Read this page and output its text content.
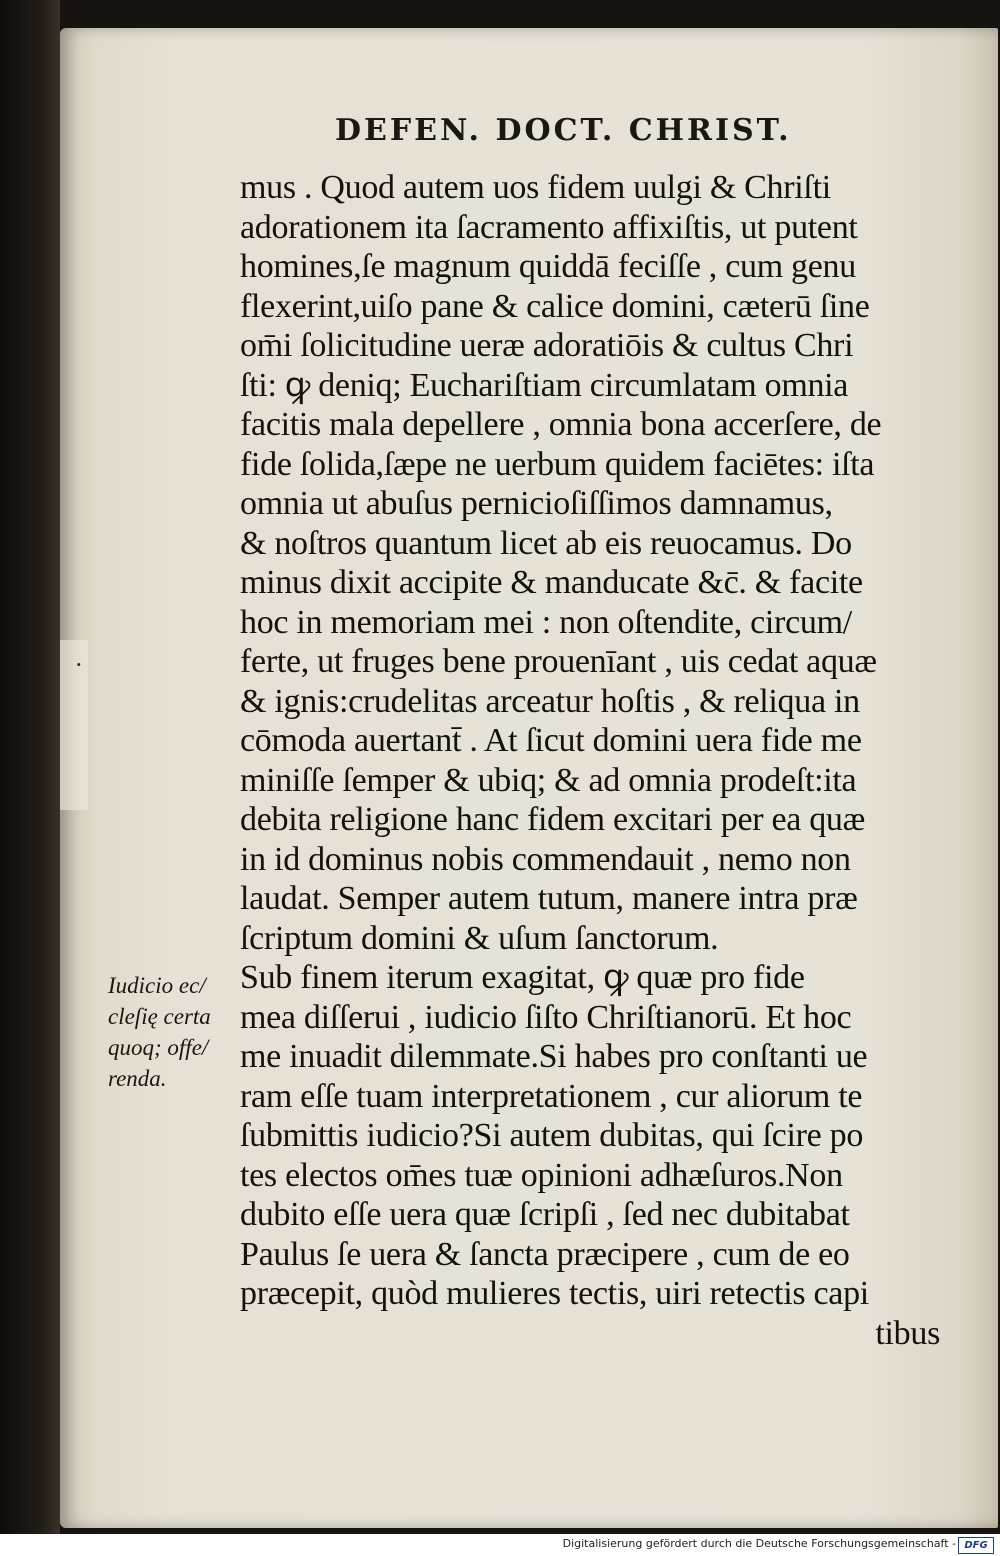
·
DEFEN. DOCT. CHRIST.
mus . Quod autem uos fidem uulgi & Chriſti
adorationem ita ſacramento affixiſtis, ut putent
homines,ſe magnum quiddā feciſſe , cum genu
flexerint,uiſo pane & calice domini, cæterū ſine
om̄i ſolicitudine ueræ adoratiōis & cultus Chri
ſti: ꝙ deniq; Euchariſtiam circumlatam omnia
facitis mala depellere , omnia bona accerſere, de
fide ſolida,ſæpe ne uerbum quidem faciētes: iſta
omnia ut abuſus pernicioſiſſimos damnamus,
& noſtros quantum licet ab eis reuocamus. Do
minus dixit accipite & manducate &c̄. & facite
hoc in memoriam mei : non oſtendite, circum/
ferte, ut fruges bene prouenīant , uis cedat aquæ
& ignis:crudelitas arceatur hoſtis , & reliqua in
cōmoda auertant̄ . At ſicut domini uera fide me
miniſſe ſemper & ubiq; & ad omnia prodeſt:ita
debita religione hanc fidem excitari per ea quæ
in id dominus nobis commendauit , nemo non
laudat. Semper autem tutum, manere intra præ
ſcriptum domini & uſum ſanctorum.
Sub finem iterum exagitat, ꝙ quæ pro fide
mea diſſerui , iudicio ſiſto Chriſtianorū. Et hoc
me inuadit dilemmate.Si habes pro conſtanti ue
ram eſſe tuam interpretationem , cur aliorum te
ſubmittis iudicio?Si autem dubitas, qui ſcire po
tes electos om̄es tuæ opinioni adhæſuros.Non
dubito eſſe uera quæ ſcripſi , ſed nec dubitabat
Paulus ſe uera & ſancta præcipere , cum de eo
præcepit, quòd mulieres tectis, uiri retectis capi
tibus
Iudicio ec/
cleſię certa
quoq; offe/
renda.
Digitalisierung gefördert durch die Deutsche Forschungsgemeinschaft - DFG
